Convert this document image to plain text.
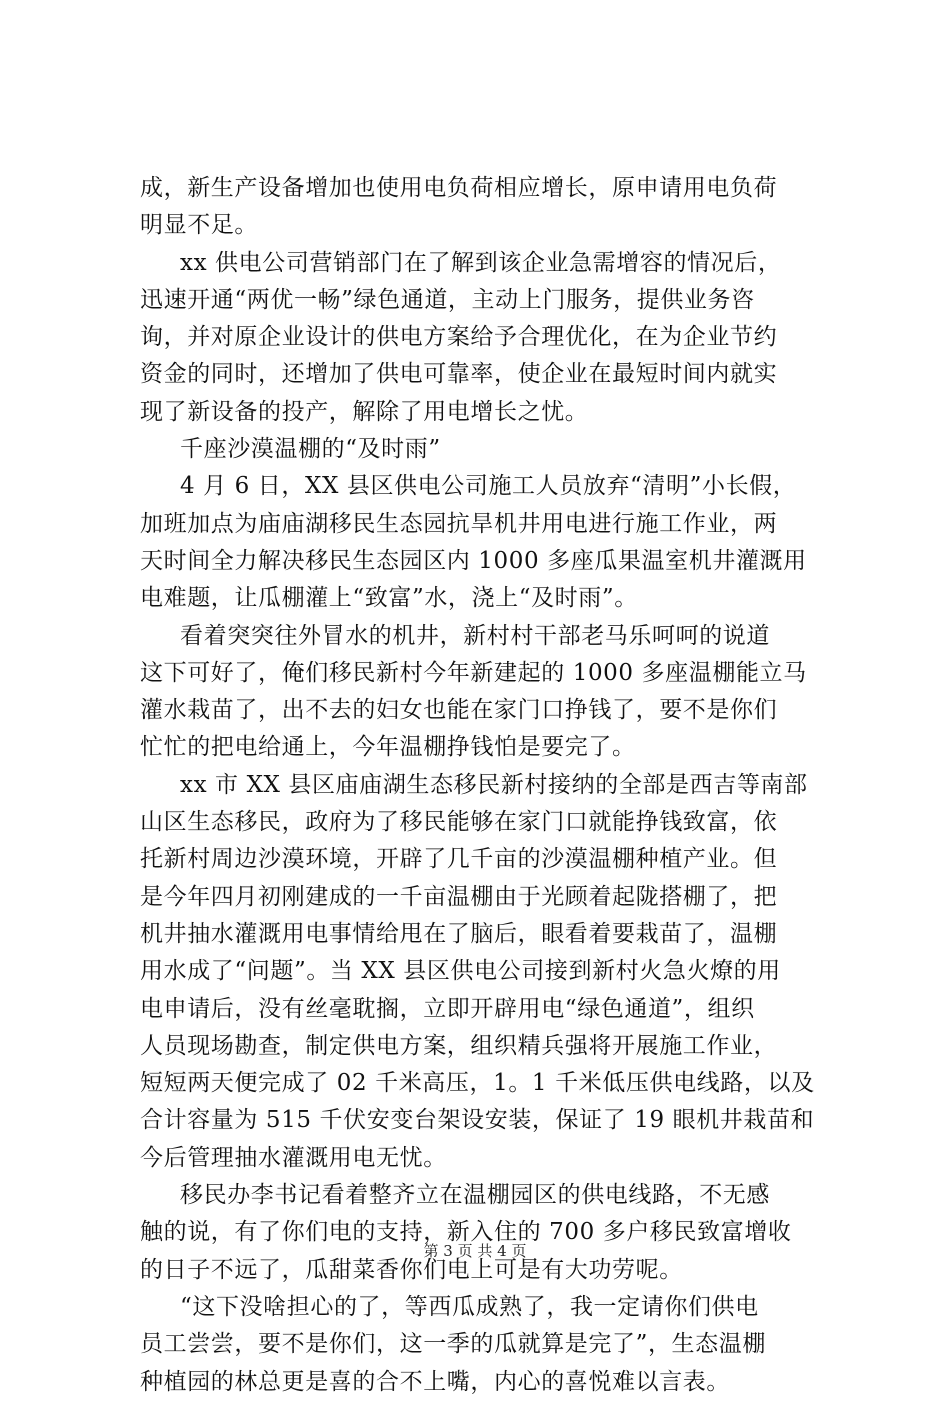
成，新生产设备增加也使用电负荷相应增长，原申请用电负荷
明显不足。
xx 供电公司营销部门在了解到该企业急需增容的情况后，
迅速开通“两优一畅”绿色通道，主动上门服务，提供业务咨
询，并对原企业设计的供电方案给予合理优化，在为企业节约
资金的同时，还增加了供电可靠率，使企业在最短时间内就实
现了新设备的投产，解除了用电增长之忧。
千座沙漠温棚的“及时雨”
4 月 6 日，XX 县区供电公司施工人员放弃“清明”小长假，
加班加点为庙庙湖移民生态园抗旱机井用电进行施工作业，两
天时间全力解决移民生态园区内 1000 多座瓜果温室机井灌溉用
电难题，让瓜棚灌上“致富”水，浇上“及时雨”。
看着突突往外冒水的机井，新村村干部老马乐呵呵的说道
这下可好了，俺们移民新村今年新建起的 1000 多座温棚能立马
灌水栽苗了，出不去的妇女也能在家门口挣钱了，要不是你们
忙忙的把电给通上，今年温棚挣钱怕是要完了。
xx 市 XX 县区庙庙湖生态移民新村接纳的全部是西吉等南部
山区生态移民，政府为了移民能够在家门口就能挣钱致富，依
托新村周边沙漠环境，开辟了几千亩的沙漠温棚种植产业。但
是今年四月初刚建成的一千亩温棚由于光顾着起陇搭棚了，把
机井抽水灌溉用电事情给甩在了脑后，眼看着要栽苗了，温棚
用水成了“问题”。当 XX 县区供电公司接到新村火急火燎的用
电申请后，没有丝毫耽搁，立即开辟用电“绿色通道”，组织
人员现场勘查，制定供电方案，组织精兵强将开展施工作业，
短短两天便完成了 02 千米高压，1。1 千米低压供电线路，以及
合计容量为 515 千伏安变台架设安装，保证了 19 眼机井栽苗和
今后管理抽水灌溉用电无忧。
移民办李书记看着整齐立在温棚园区的供电线路，不无感
触的说，有了你们电的支持，新入住的 700 多户移民致富增收
的日子不远了，瓜甜菜香你们电上可是有大功劳呢。
“这下没啥担心的了，等西瓜成熟了，我一定请你们供电
员工尝尝，要不是你们，这一季的瓜就算是完了”，生态温棚
种植园的林总更是喜的合不上嘴，内心的喜悦难以言表。
第 3 页 共 4 页
